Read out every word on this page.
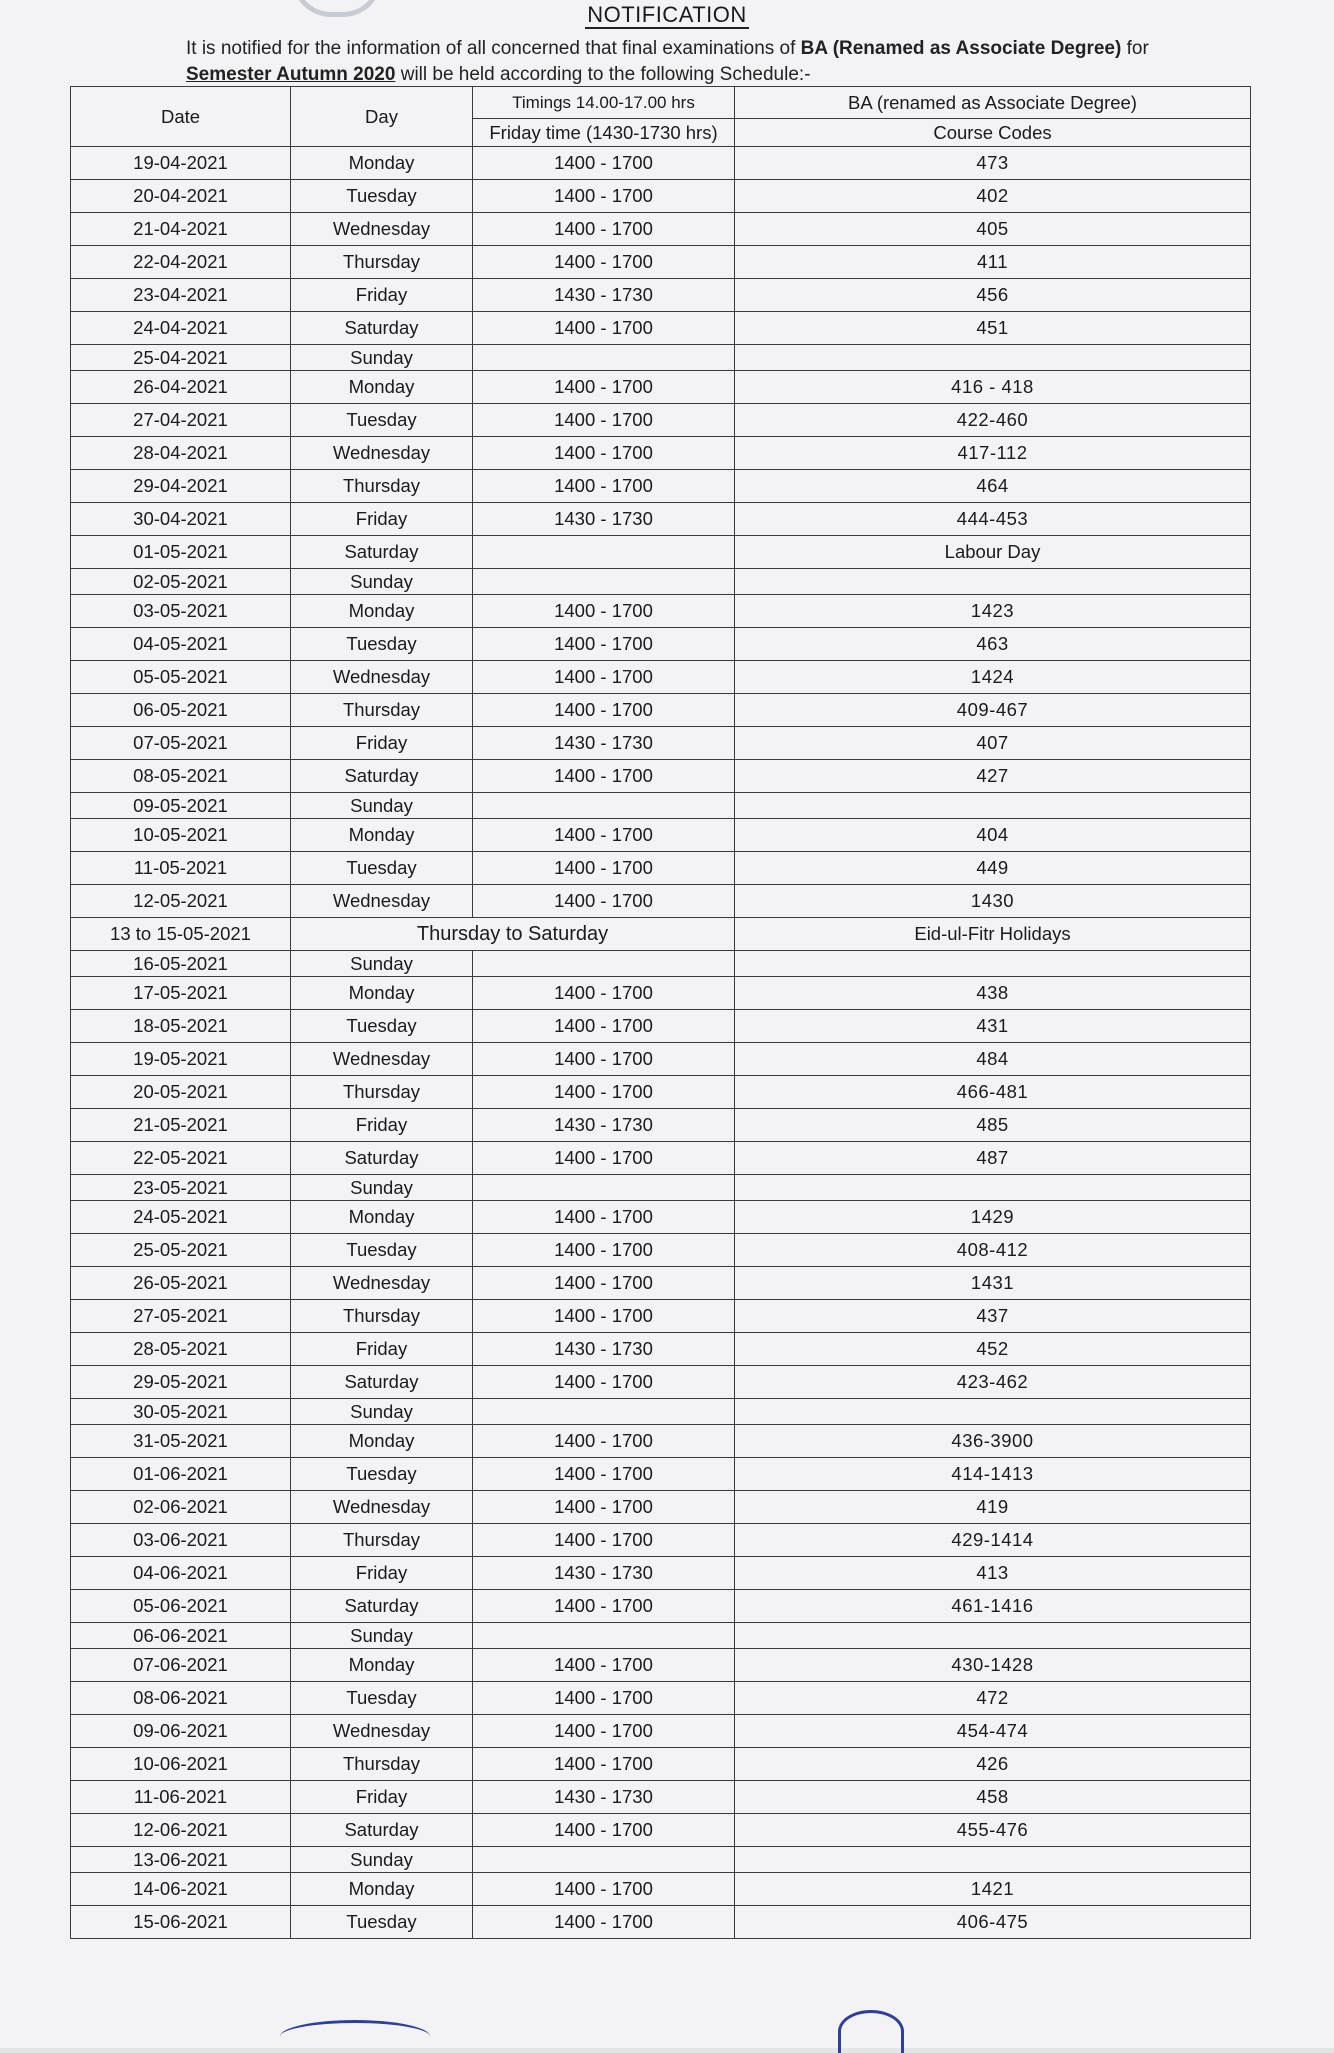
NOTIFICATION
It is notified for the information of all concerned that final examinations of BA (Renamed as Associate Degree) for Semester Autumn 2020 will be held according to the following Schedule:-
Date	Day	Timings 14.00-17.00 hrs	BA (renamed as Associate Degree)
		Friday time (1430-1730 hrs)	Course Codes
19-04-2021	Monday	1400 - 1700	473
20-04-2021	Tuesday	1400 - 1700	402
21-04-2021	Wednesday	1400 - 1700	405
22-04-2021	Thursday	1400 - 1700	411
23-04-2021	Friday	1430 - 1730	456
24-04-2021	Saturday	1400 - 1700	451
25-04-2021	Sunday		
26-04-2021	Monday	1400 - 1700	416 - 418
27-04-2021	Tuesday	1400 - 1700	422-460
28-04-2021	Wednesday	1400 - 1700	417-112
29-04-2021	Thursday	1400 - 1700	464
30-04-2021	Friday	1430 - 1730	444-453
01-05-2021	Saturday		Labour Day
02-05-2021	Sunday		
03-05-2021	Monday	1400 - 1700	1423
04-05-2021	Tuesday	1400 - 1700	463
05-05-2021	Wednesday	1400 - 1700	1424
06-05-2021	Thursday	1400 - 1700	409-467
07-05-2021	Friday	1430 - 1730	407
08-05-2021	Saturday	1400 - 1700	427
09-05-2021	Sunday		
10-05-2021	Monday	1400 - 1700	404
11-05-2021	Tuesday	1400 - 1700	449
12-05-2021	Wednesday	1400 - 1700	1430
13 to 15-05-2021	Thursday to Saturday		Eid-ul-Fitr Holidays
16-05-2021	Sunday		
17-05-2021	Monday	1400 - 1700	438
18-05-2021	Tuesday	1400 - 1700	431
19-05-2021	Wednesday	1400 - 1700	484
20-05-2021	Thursday	1400 - 1700	466-481
21-05-2021	Friday	1430 - 1730	485
22-05-2021	Saturday	1400 - 1700	487
23-05-2021	Sunday		
24-05-2021	Monday	1400 - 1700	1429
25-05-2021	Tuesday	1400 - 1700	408-412
26-05-2021	Wednesday	1400 - 1700	1431
27-05-2021	Thursday	1400 - 1700	437
28-05-2021	Friday	1430 - 1730	452
29-05-2021	Saturday	1400 - 1700	423-462
30-05-2021	Sunday		
31-05-2021	Monday	1400 - 1700	436-3900
01-06-2021	Tuesday	1400 - 1700	414-1413
02-06-2021	Wednesday	1400 - 1700	419
03-06-2021	Thursday	1400 - 1700	429-1414
04-06-2021	Friday	1430 - 1730	413
05-06-2021	Saturday	1400 - 1700	461-1416
06-06-2021	Sunday		
07-06-2021	Monday	1400 - 1700	430-1428
08-06-2021	Tuesday	1400 - 1700	472
09-06-2021	Wednesday	1400 - 1700	454-474
10-06-2021	Thursday	1400 - 1700	426
11-06-2021	Friday	1430 - 1730	458
12-06-2021	Saturday	1400 - 1700	455-476
13-06-2021	Sunday		
14-06-2021	Monday	1400 - 1700	1421
15-06-2021	Tuesday	1400 - 1700	406-475
